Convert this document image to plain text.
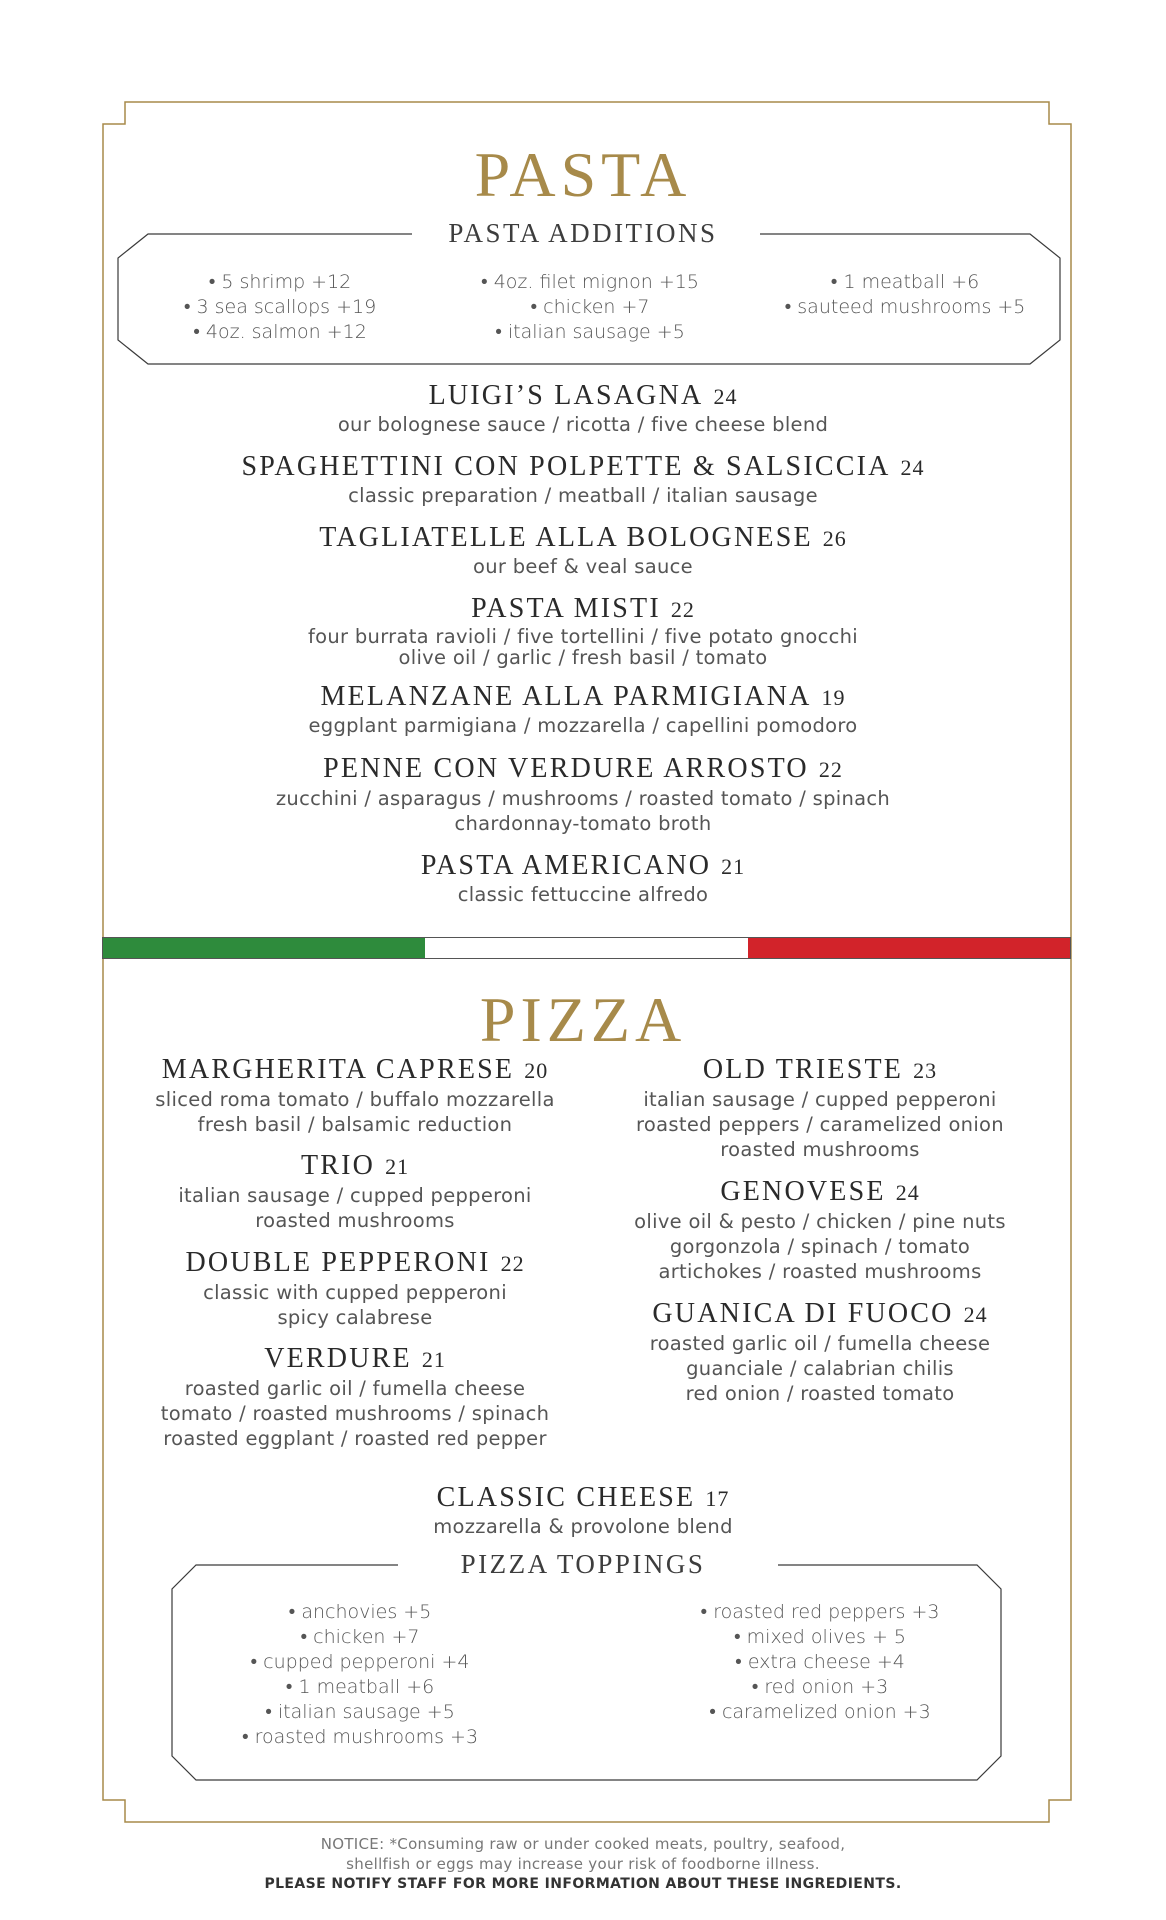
PASTA
PASTA ADDITIONS
• 5 shrimp +12
• 3 sea scallops +19
• 4oz. salmon +12
• 4oz. filet mignon +15
• chicken +7
• italian sausage +5
• 1 meatball +6
• sauteed mushrooms +5
LUIGI’S LASAGNA 24
our bolognese sauce / ricotta / five cheese blend
SPAGHETTINI CON POLPETTE & SALSICCIA 24
classic preparation / meatball / italian sausage
TAGLIATELLE ALLA BOLOGNESE 26
our beef & veal sauce
PASTA MISTI 22
four burrata ravioli / five tortellini / five potato gnocchi
olive oil / garlic / fresh basil / tomato
MELANZANE ALLA PARMIGIANA 19
eggplant parmigiana / mozzarella / capellini pomodoro
PENNE CON VERDURE ARROSTO 22
zucchini / asparagus / mushrooms / roasted tomato / spinach
chardonnay-tomato broth
PASTA AMERICANO 21
classic fettuccine alfredo
PIZZA
MARGHERITA CAPRESE 20
sliced roma tomato / buffalo mozzarella
fresh basil / balsamic reduction
TRIO 21
italian sausage / cupped pepperoni
roasted mushrooms
DOUBLE PEPPERONI 22
classic with cupped pepperoni
spicy calabrese
VERDURE 21
roasted garlic oil / fumella cheese
tomato / roasted mushrooms / spinach
roasted eggplant / roasted red pepper
OLD TRIESTE 23
italian sausage / cupped pepperoni
roasted peppers / caramelized onion
roasted mushrooms
GENOVESE 24
olive oil & pesto / chicken / pine nuts
gorgonzola / spinach / tomato
artichokes / roasted mushrooms
GUANICA DI FUOCO 24
roasted garlic oil / fumella cheese
guanciale / calabrian chilis
red onion / roasted tomato
CLASSIC CHEESE 17
mozzarella & provolone blend
PIZZA TOPPINGS
• anchovies +5
• chicken +7
• cupped pepperoni +4
• 1 meatball +6
• italian sausage +5
• roasted mushrooms +3
• roasted red peppers +3
• mixed olives + 5
• extra cheese +4
• red onion +3
• caramelized onion +3
NOTICE: *Consuming raw or under cooked meats, poultry, seafood,
shellfish or eggs may increase your risk of foodborne illness.
PLEASE NOTIFY STAFF FOR MORE INFORMATION ABOUT THESE INGREDIENTS.
